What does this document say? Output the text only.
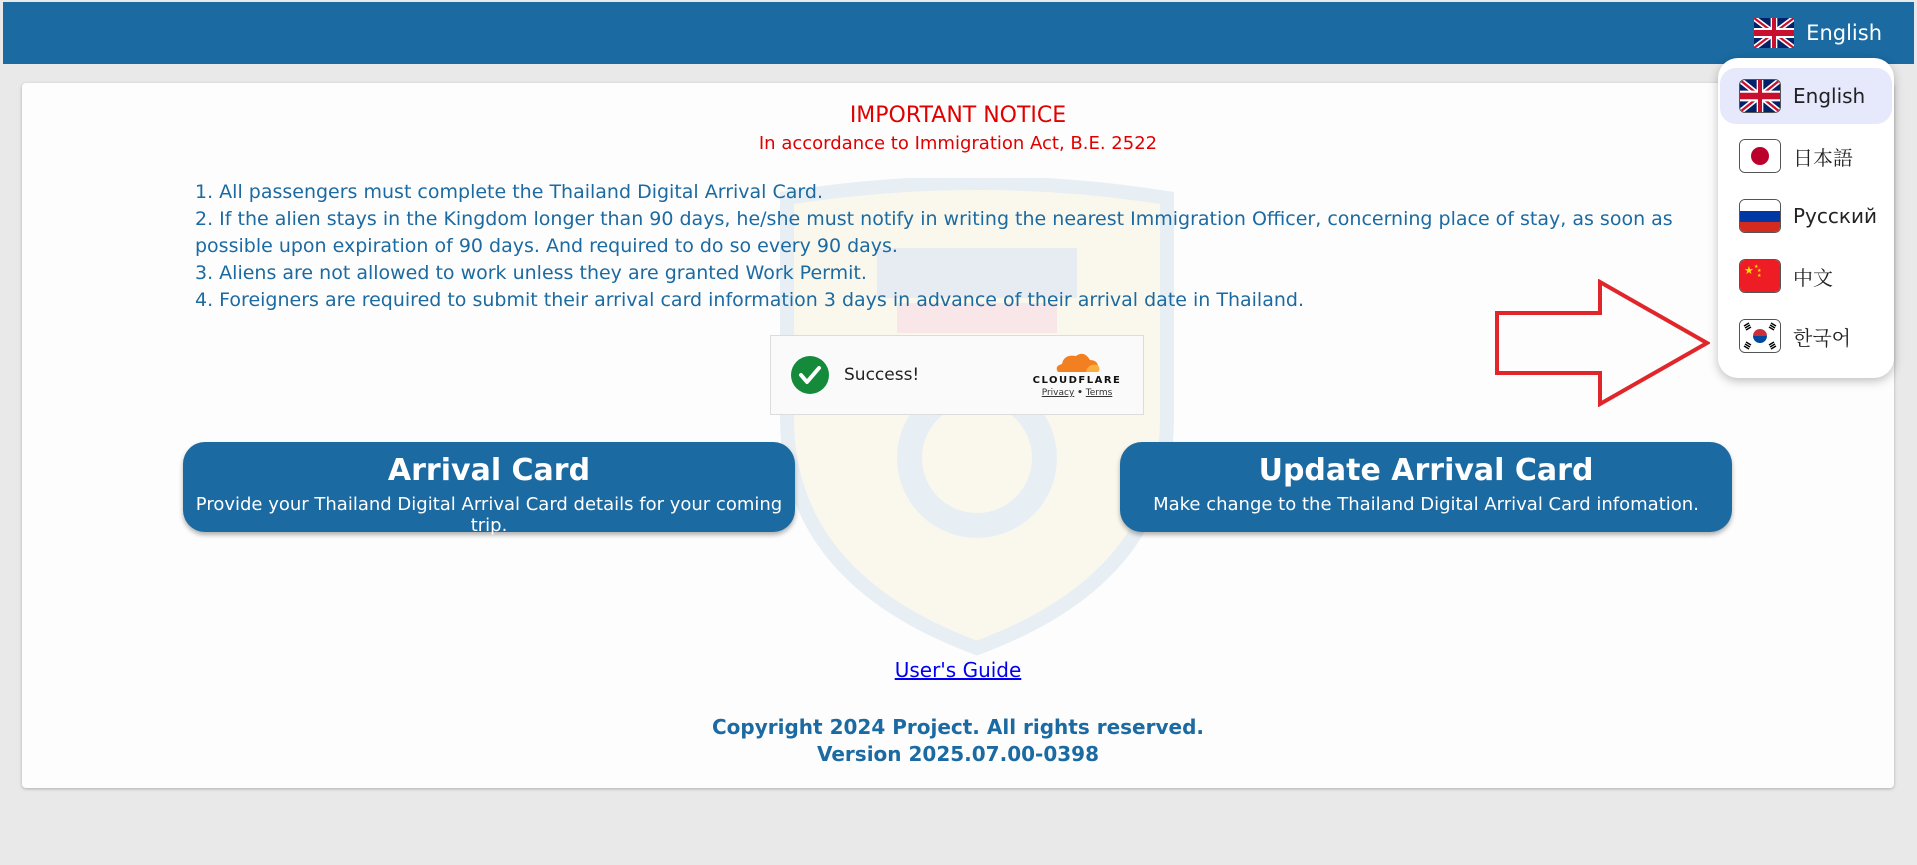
English
IMPORTANT NOTICE
In accordance to Immigration Act, B.E. 2522
1. All passengers must complete the Thailand Digital Arrival Card.
2. If the alien stays in the Kingdom longer than 90 days, he/she must notify in writing the nearest Immigration Officer, concerning place of stay, as soon as possible upon expiration of 90 days. And required to do so every 90 days.
3. Aliens are not allowed to work unless they are granted Work Permit.
4. Foreigners are required to submit their arrival card information 3 days in advance of their arrival date in Thailand.
Success!	CLOUDFLARE
Privacy • Terms
Arrival Card
Provide your Thailand Digital Arrival Card details for your coming trip.
Update Arrival Card
Make change to the Thailand Digital Arrival Card infomation.
User's Guide
Copyright 2024 Project. All rights reserved.
Version 2025.07.00-0398
English
日本語
Русский
★ ★
★
★ 中文
한국어
